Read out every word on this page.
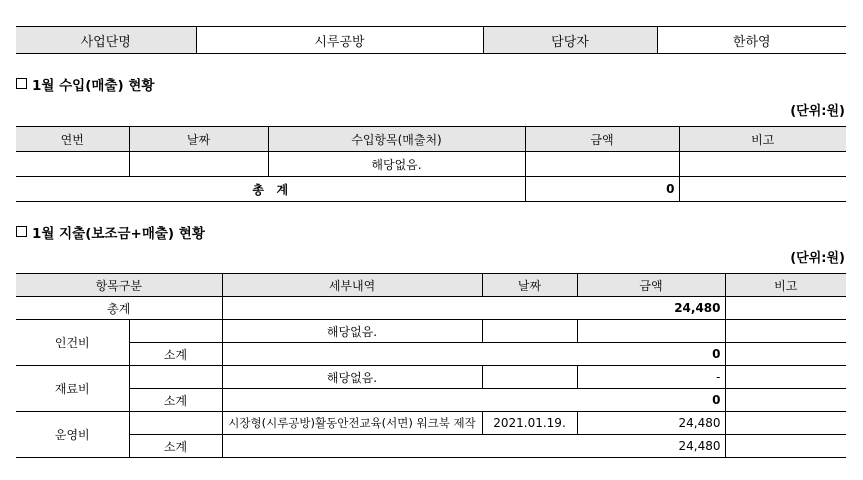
사업단명	시루공방	담당자	한하영
1월 수입(매출) 현황
(단위:원)
연번	날짜	수입항목(매출처)	금액	비고
		해당없음.		
총   계			0	
1월 지출(보조금+매출) 현황
(단위:원)
항목구분		세부내역	날짜	금액	비고
총계		24,480			
인건비		해당없음.			
	소계	0			
재료비		해당없음.		-	
	소계	0			
운영비		시장형(시루공방)활동안전교육(서면) 워크북 제작	2021.01.19.	24,480	
	소계	24,480			
